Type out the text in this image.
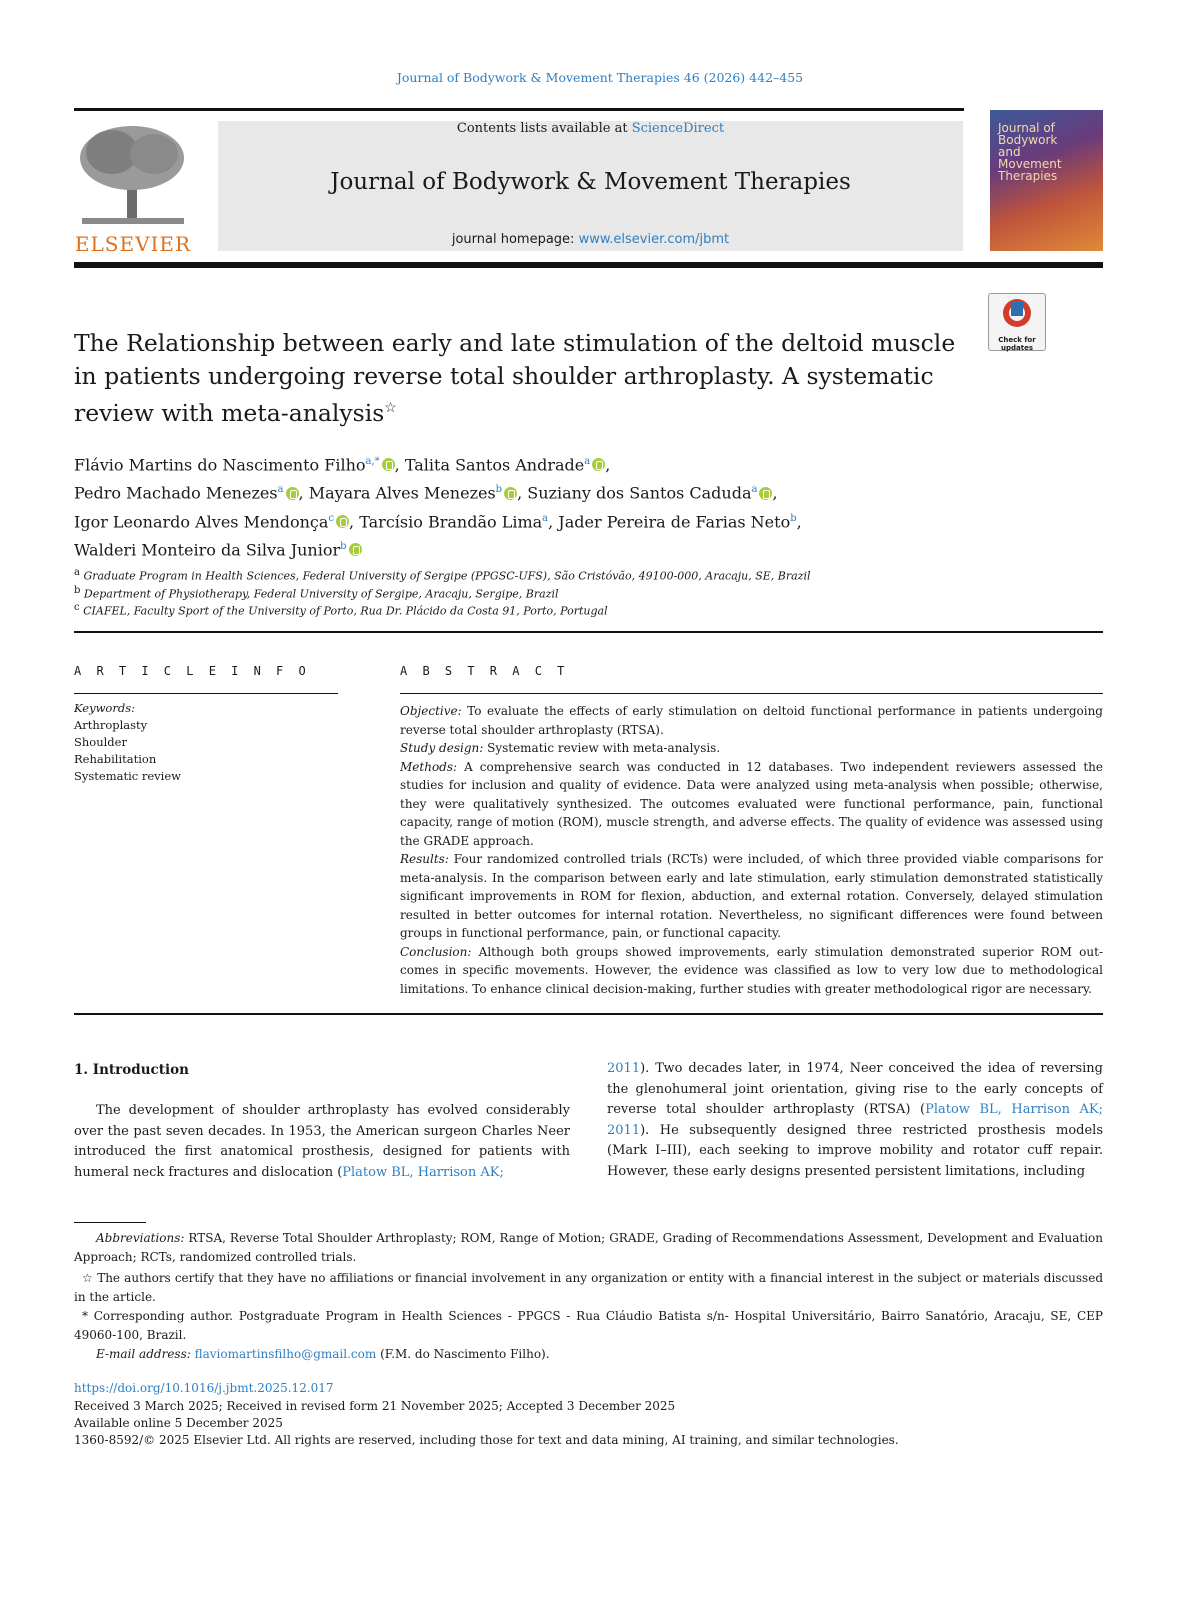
Journal of Bodywork & Movement Therapies 46 (2026) 442–455
ELSEVIER
Contents lists available at ScienceDirect
Journal of Bodywork & Movement Therapies
journal homepage: www.elsevier.com/jbmt
Journal of
Bodywork
and
Movement
Therapies
Check for updates
The Relationship between early and late stimulation of the deltoid muscle
in patients undergoing reverse total shoulder arthroplasty. A systematic
review with meta-analysis☆
Flávio Martins do Nascimento Filho$^{a,*}$ , Talita Santos Andrade$^a$ ,
Pedro Machado Menezes$^a$ , Mayara Alves Menezes$^b$ , Suziany dos Santos Caduda$^a$ ,
Igor Leonardo Alves Mendonça$^c$ , Tarcísio Brandão Lima$^a$, Jader Pereira de Farias Neto$^b$,
Walderi Monteiro da Silva Junior$^b$
$^a$ Graduate Program in Health Sciences, Federal University of Sergipe (PPGSC-UFS), São Cristóvão, 49100-000, Aracaju, SE, Brazil
$^b$ Department of Physiotherapy, Federal University of Sergipe, Aracaju, Sergipe, Brazil
$^c$ CIAFEL, Faculty Sport of the University of Porto, Rua Dr. Plácido da Costa 91, Porto, Portugal
A R T I C L E I N F O
Keywords:
Arthroplasty
Shoulder
Rehabilitation
Systematic review
A B S T R A C T
Objective: To evaluate the effects of early stimulation on deltoid functional performance in patients undergoing reverse total shoulder arthroplasty (RTSA).
Study design: Systematic review with meta-analysis.
Methods: A comprehensive search was conducted in 12 databases. Two independent reviewers assessed the studies for inclusion and quality of evidence. Data were analyzed using meta-analysis when possible; otherwise, they were qualitatively synthesized. The outcomes evaluated were functional performance, pain, functional capacity, range of motion (ROM), muscle strength, and adverse effects. The quality of evidence was assessed using the GRADE approach.
Results: Four randomized controlled trials (RCTs) were included, of which three provided viable comparisons for meta-analysis. In the comparison between early and late stimulation, early stimulation demonstrated statistically significant improvements in ROM for flexion, abduction, and external rotation. Conversely, delayed stimulation resulted in better outcomes for internal rotation. Nevertheless, no significant differences were found between groups in functional performance, pain, or functional capacity.
Conclusion: Although both groups showed improvements, early stimulation demonstrated superior ROM out-comes in specific movements. However, the evidence was classified as low to very low due to methodological limitations. To enhance clinical decision-making, further studies with greater methodological rigor are necessary.
1. Introduction
The development of shoulder arthroplasty has evolved considerably over the past seven decades. In 1953, the American surgeon Charles Neer introduced the first anatomical prosthesis, designed for patients with humeral neck fractures and dislocation (Platow BL, Harrison AK;
2011). Two decades later, in 1974, Neer conceived the idea of reversing the glenohumeral joint orientation, giving rise to the early concepts of reverse total shoulder arthroplasty (RTSA) (Platow BL, Harrison AK; 2011). He subsequently designed three restricted prosthesis models (Mark I–III), each seeking to improve mobility and rotator cuff repair. However, these early designs presented persistent limitations, including
Abbreviations: RTSA, Reverse Total Shoulder Arthroplasty; ROM, Range of Motion; GRADE, Grading of Recommendations Assessment, Development and Evaluation Approach; RCTs, randomized controlled trials.
☆ The authors certify that they have no affiliations or financial involvement in any organization or entity with a financial interest in the subject or materials discussed in the article.
* Corresponding author. Postgraduate Program in Health Sciences - PPGCS - Rua Cláudio Batista s/n- Hospital Universitário, Bairro Sanatório, Aracaju, SE, CEP 49060-100, Brazil.
E-mail address: flaviomartinsfilho@gmail.com (F.M. do Nascimento Filho).
https://doi.org/10.1016/j.jbmt.2025.12.017
Received 3 March 2025; Received in revised form 21 November 2025; Accepted 3 December 2025
Available online 5 December 2025
1360-8592/© 2025 Elsevier Ltd. All rights are reserved, including those for text and data mining, AI training, and similar technologies.
